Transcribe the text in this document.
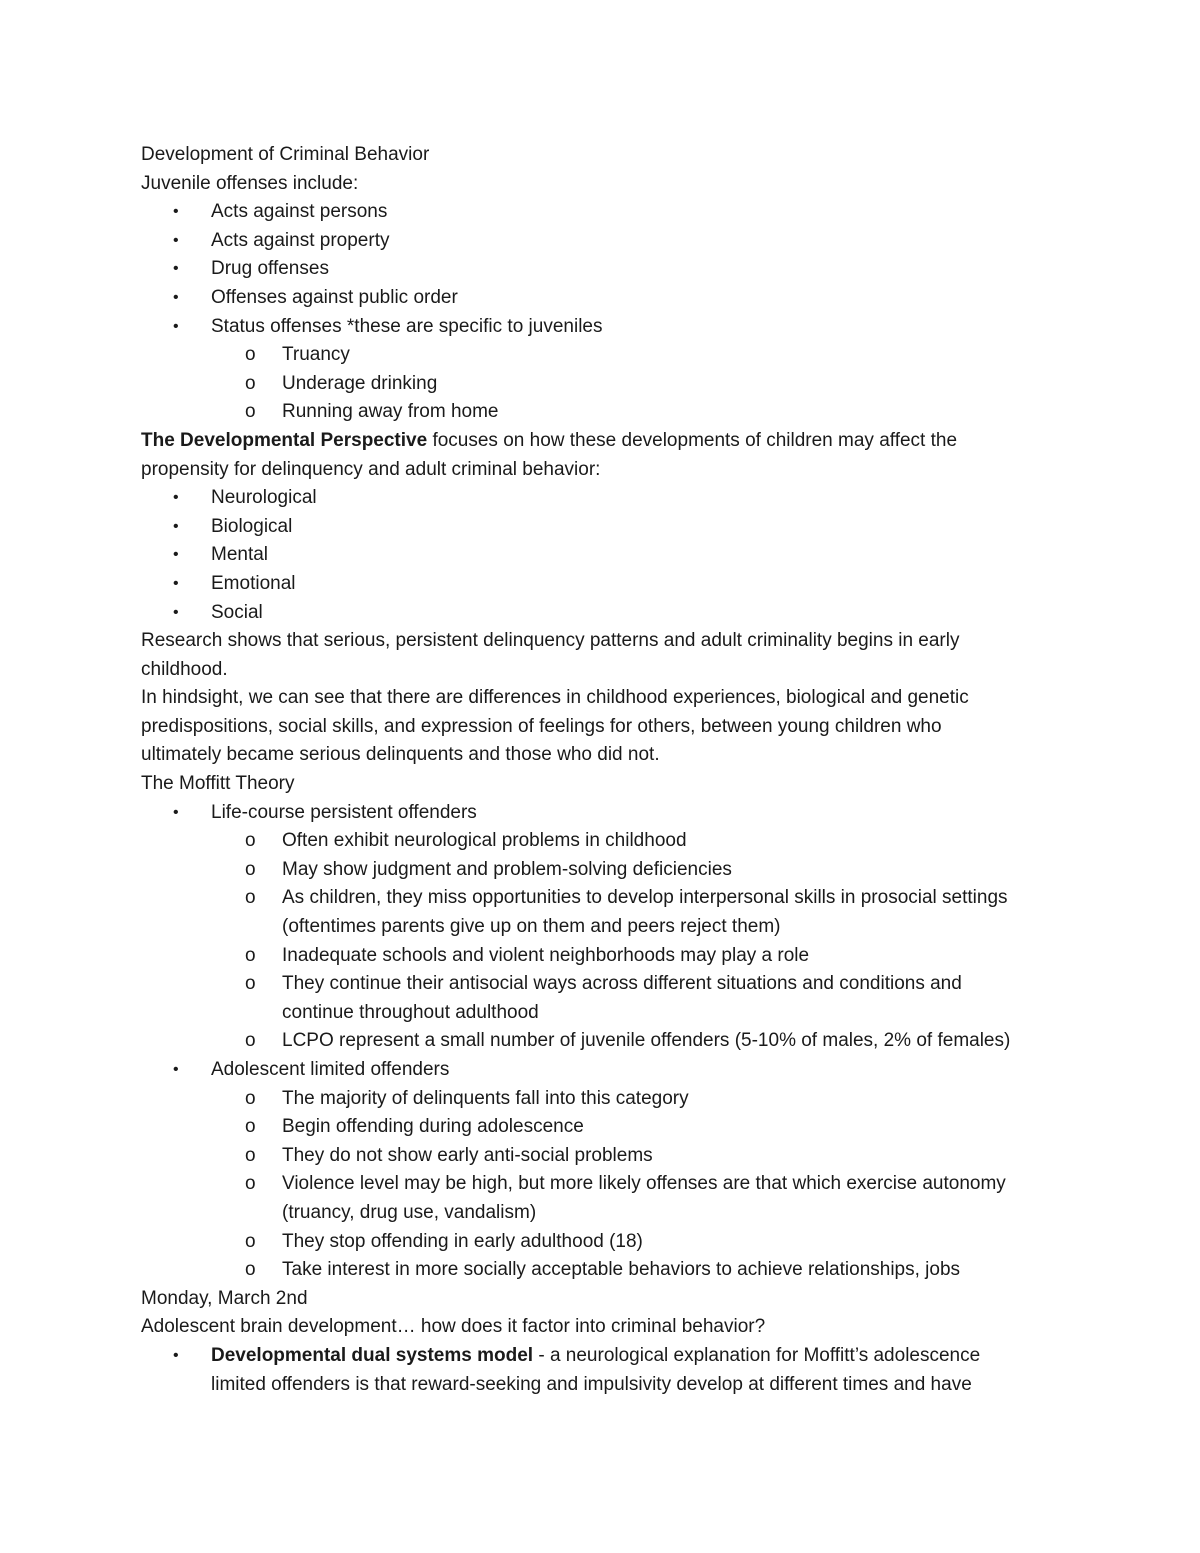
Development of Criminal Behavior
Juvenile offenses include:
• Acts against persons
• Acts against property
• Drug offenses
• Offenses against public order
• Status offenses *these are specific to juveniles
o Truancy
o Underage drinking
o Running away from home
The Developmental Perspective focuses on how these developments of children may affect the
propensity for delinquency and adult criminal behavior:
• Neurological
• Biological
• Mental
• Emotional
• Social
Research shows that serious, persistent delinquency patterns and adult criminality begins in early
childhood.
In hindsight, we can see that there are differences in childhood experiences, biological and genetic
predispositions, social skills, and expression of feelings for others, between young children who
ultimately became serious delinquents and those who did not.
The Moffitt Theory
• Life-course persistent offenders
o Often exhibit neurological problems in childhood
o May show judgment and problem-solving deficiencies
o As children, they miss opportunities to develop interpersonal skills in prosocial settings
(oftentimes parents give up on them and peers reject them)
o Inadequate schools and violent neighborhoods may play a role
o They continue their antisocial ways across different situations and conditions and
continue throughout adulthood
o LCPO represent a small number of juvenile offenders (5-10% of males, 2% of females)
• Adolescent limited offenders
o The majority of delinquents fall into this category
o Begin offending during adolescence
o They do not show early anti-social problems
o Violence level may be high, but more likely offenses are that which exercise autonomy
(truancy, drug use, vandalism)
o They stop offending in early adulthood (18)
o Take interest in more socially acceptable behaviors to achieve relationships, jobs
Monday, March 2nd
Adolescent brain development… how does it factor into criminal behavior?
• Developmental dual systems model - a neurological explanation for Moffitt’s adolescence
limited offenders is that reward-seeking and impulsivity develop at different times and have
